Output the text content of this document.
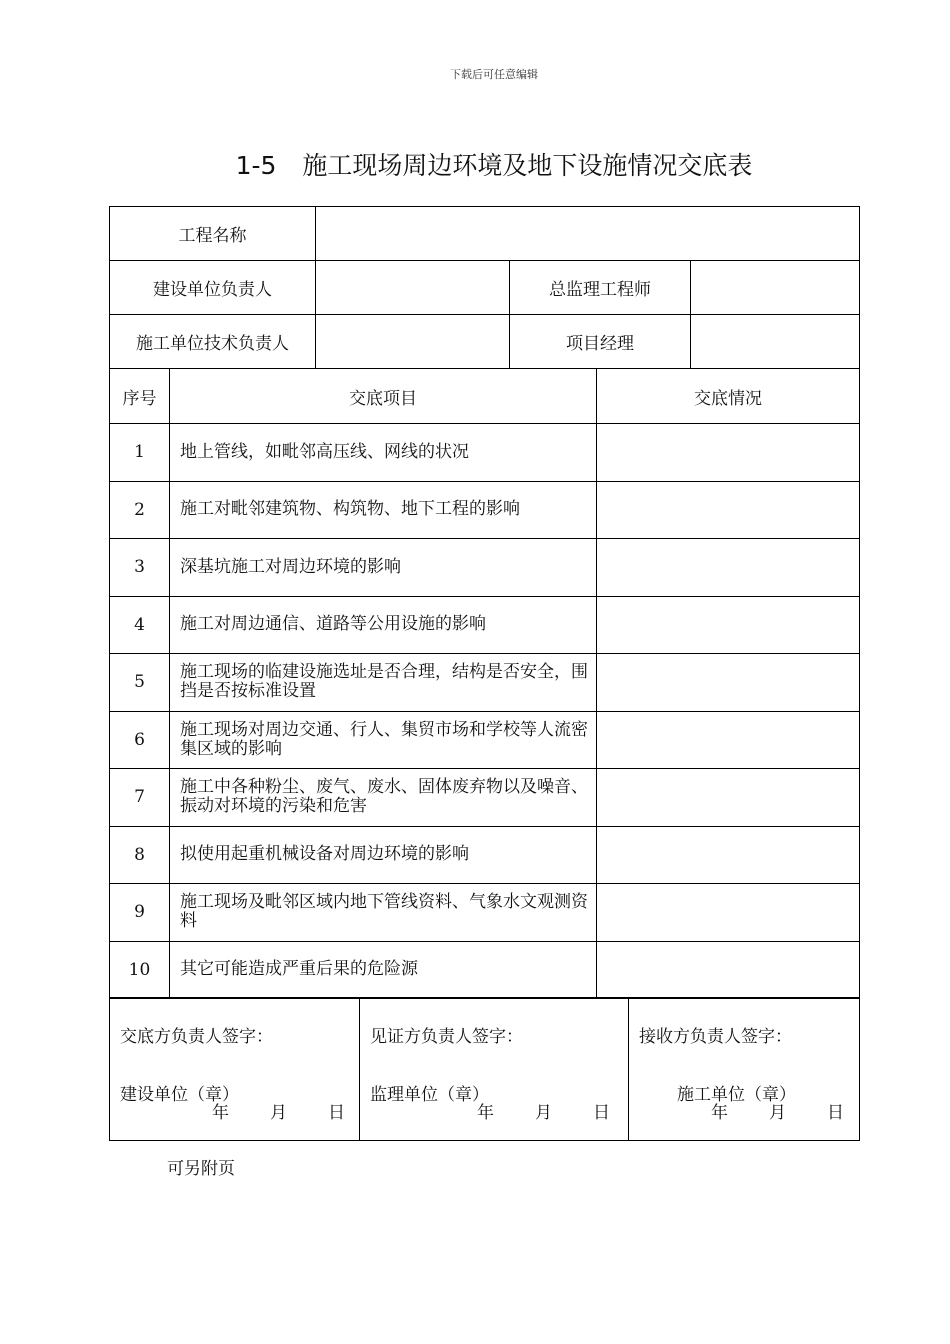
下载后可任意编辑
1-5 施工现场周边环境及地下设施情况交底表
工程名称			
建设单位负责人		总监理工程师	
施工单位技术负责人		项目经理	
序号	交底项目	交底情况
1	地上管线，如毗邻高压线、网线的状况	
2	施工对毗邻建筑物、构筑物、地下工程的影响	
3	深基坑施工对周边环境的影响	
4	施工对周边通信、道路等公用设施的影响	
5	施工现场的临建设施选址是否合理，结构是否安全，围挡是否按标准设置	
6	施工现场对周边交通、行人、集贸市场和学校等人流密集区域的影响	
7	施工中各种粉尘、废气、废水、固体废弃物以及噪音、振动对环境的污染和危害	
8	拟使用起重机械设备对周边环境的影响	
9	施工现场及毗邻区域内地下管线资料、气象水文观测资料	
10	其它可能造成严重后果的危险源	
交底方负责人签字：
建设单位（章）
年 月 日

见证方负责人签字：
监理单位（章）
年 月 日

接收方负责人签字：
施工单位（章）
年 月 日
可另附页
